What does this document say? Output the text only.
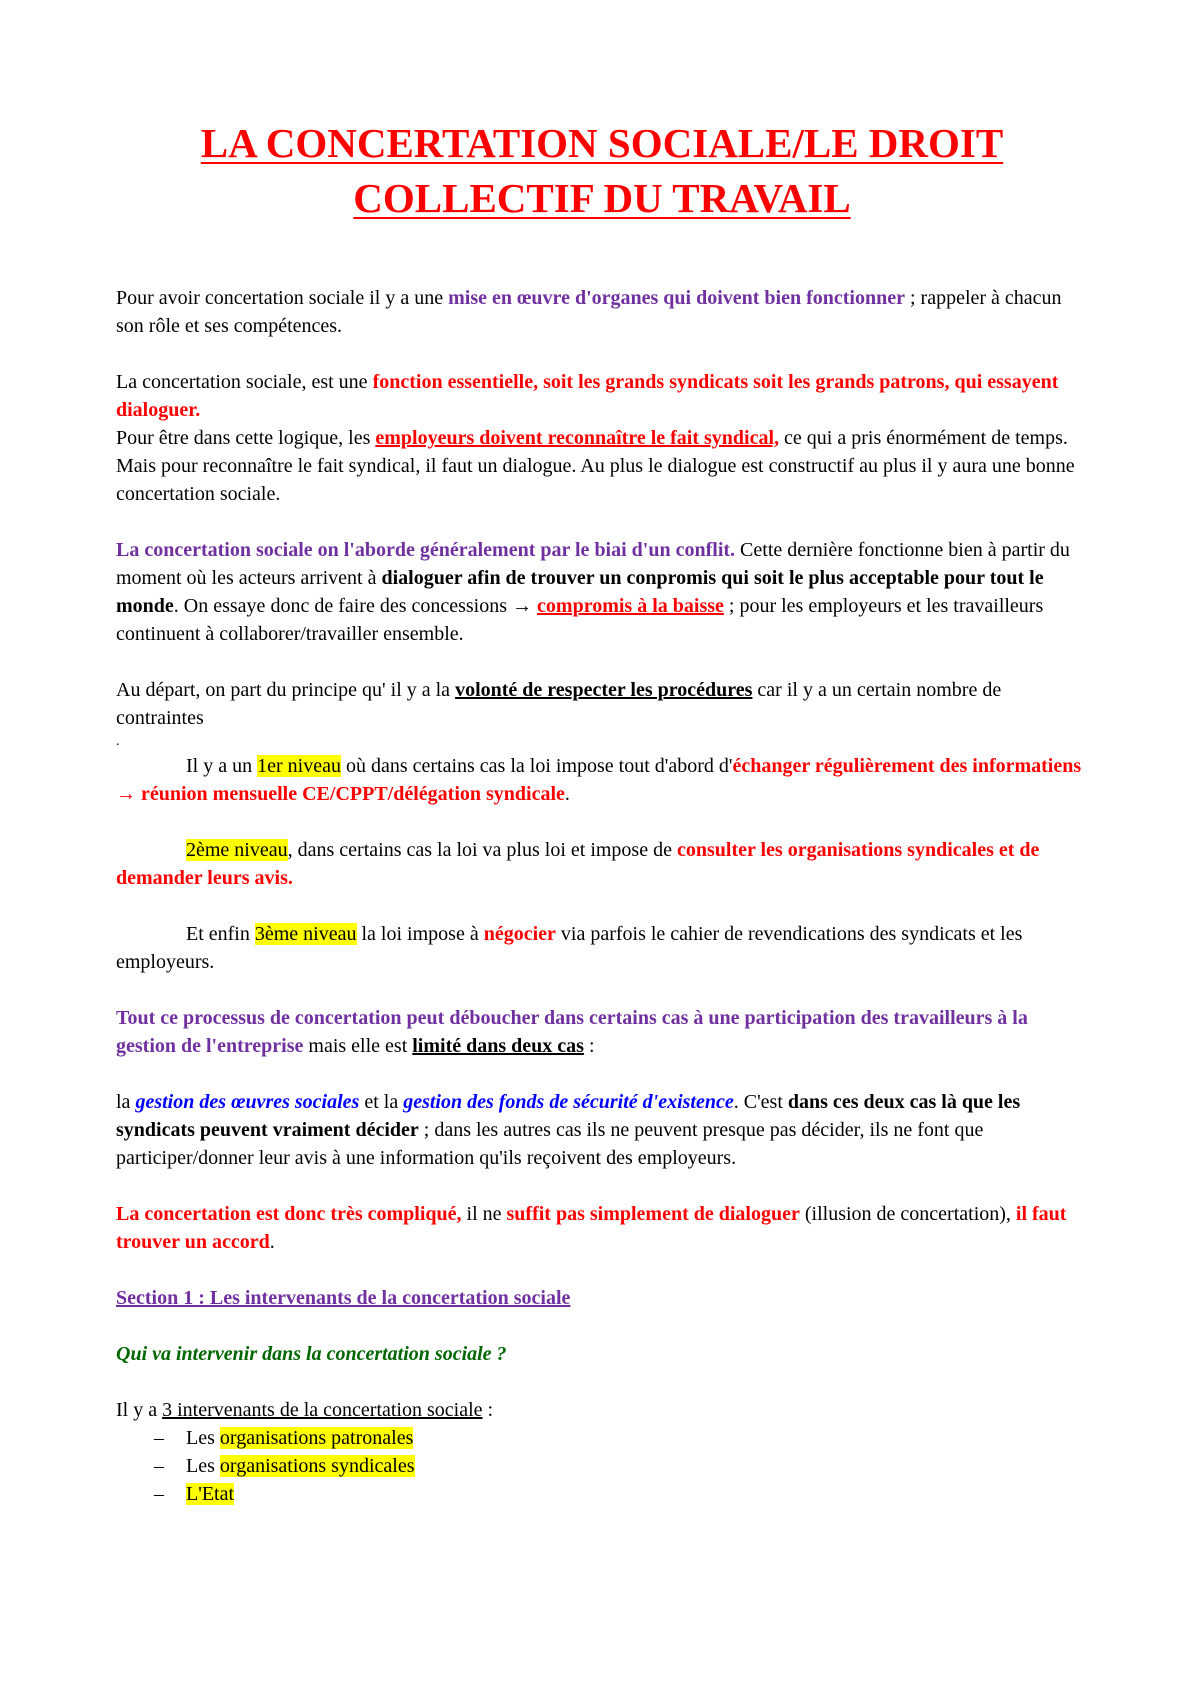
LA CONCERTATION SOCIALE/LE DROIT
COLLECTIF DU TRAVAIL

Pour avoir concertation sociale il y a une mise en œuvre d'organes qui doivent bien fonctionner ; rappeler à chacun son rôle et ses compétences.

La concertation sociale, est une fonction essentielle, soit les grands syndicats soit les grands patrons, qui essayent dialoguer.

Pour être dans cette logique, les employeurs doivent reconnaître le fait syndical, ce qui a pris énormément de temps. Mais pour reconnaître le fait syndical, il faut un dialogue. Au plus le dialogue est constructif au plus il y aura une bonne concertation sociale.

La concertation sociale on l'aborde généralement par le biai d'un conflit. Cette dernière fonctionne bien à partir du moment où les acteurs arrivent à dialoguer afin de trouver un conpromis qui soit le plus acceptable pour tout le monde. On essaye donc de faire des concessions → compromis à la baisse ; pour les employeurs et les travailleurs continuent à collaborer/travailler ensemble.

Au départ, on part du principe qu' il y a la volonté de respecter les procédures car il y a un certain nombre de contraintes

.

Il y a un 1er niveau où dans certains cas la loi impose tout d'abord d'échanger régulièrement des informatiens → réunion mensuelle CE/CPPT/délégation syndicale.

2ème niveau, dans certains cas la loi va plus loi et impose de consulter les organisations syndicales et de demander leurs avis.

Et enfin 3ème niveau la loi impose à négocier via parfois le cahier de revendications des syndicats et les employeurs.

Tout ce processus de concertation peut déboucher dans certains cas à une participation des travailleurs à la gestion de l'entreprise mais elle est limité dans deux cas :

la gestion des œuvres sociales et la gestion des fonds de sécurité d'existence. C'est dans ces deux cas là que les syndicats peuvent vraiment décider ; dans les autres cas ils ne peuvent presque pas décider, ils ne font que participer/donner leur avis à une information qu'ils reçoivent des employeurs.

La concertation est donc très compliqué, il ne suffit pas simplement de dialoguer (illusion de concertation), il faut trouver un accord.

Section 1 : Les intervenants de la concertation sociale

Qui va intervenir dans la concertation sociale ?

Il y a 3 intervenants de la concertation sociale :

– Les organisations patronales
– Les organisations syndicales
– L'Etat
